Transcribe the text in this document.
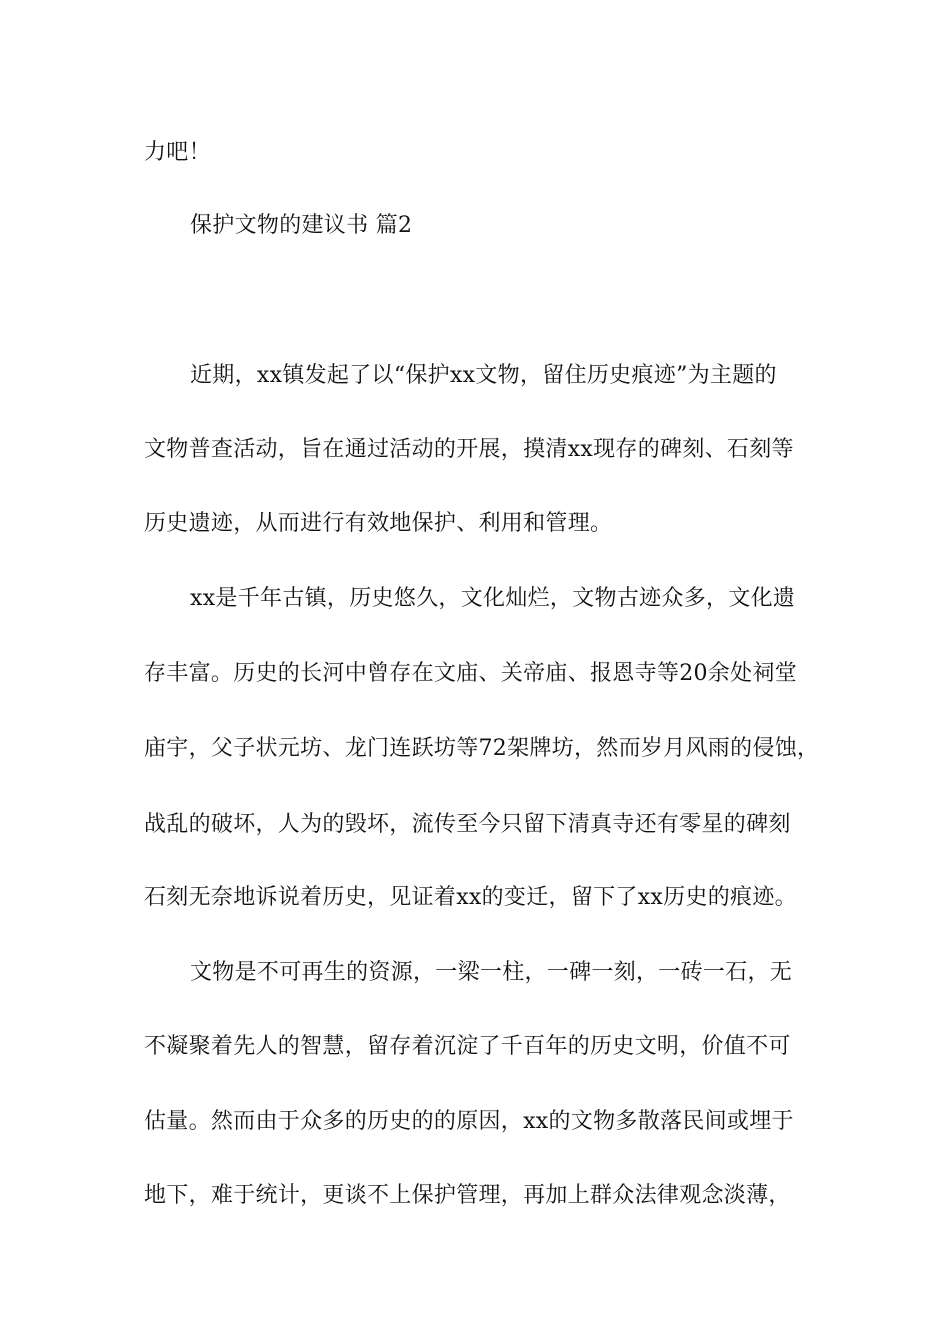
力吧！
保护文物的建议书 篇2
近期，xx镇发起了以“保护xx文物，留住历史痕迹”为主题的
文物普查活动，旨在通过活动的开展，摸清xx现存的碑刻、石刻等
历史遗迹，从而进行有效地保护、利用和管理。
xx是千年古镇，历史悠久，文化灿烂，文物古迹众多，文化遗
存丰富。历史的长河中曾存在文庙、关帝庙、报恩寺等20余处祠堂
庙宇，父子状元坊、龙门连跃坊等72架牌坊，然而岁月风雨的侵蚀，
战乱的破坏，人为的毁坏，流传至今只留下清真寺还有零星的碑刻
石刻无奈地诉说着历史，见证着xx的变迁，留下了xx历史的痕迹。
文物是不可再生的资源，一梁一柱，一碑一刻，一砖一石，无
不凝聚着先人的智慧，留存着沉淀了千百年的历史文明，价值不可
估量。然而由于众多的历史的的原因，xx的文物多散落民间或埋于
地下，难于统计，更谈不上保护管理，再加上群众法律观念淡薄，
